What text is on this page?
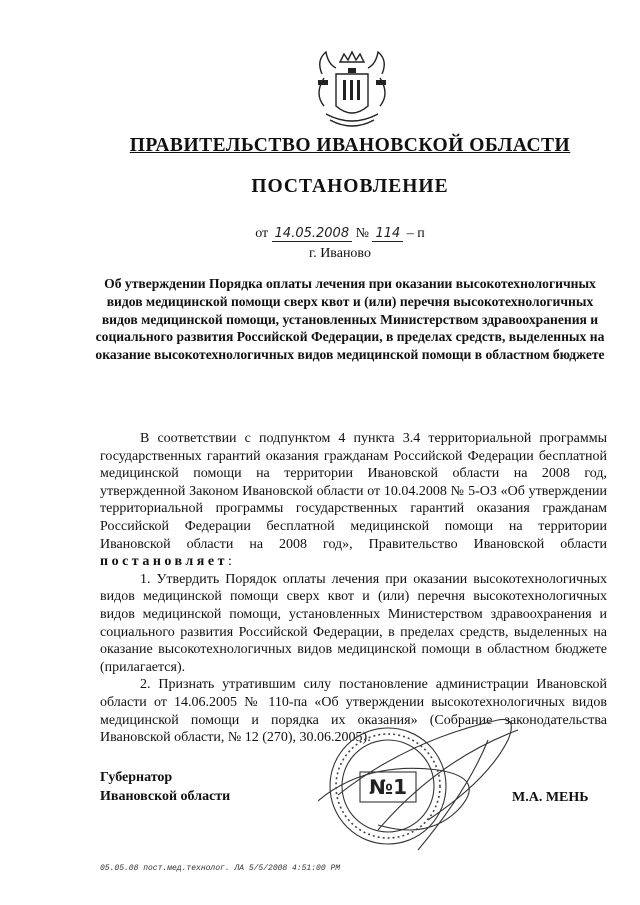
ПРАВИТЕЛЬСТВО ИВАНОВСКОЙ ОБЛАСТИ
ПОСТАНОВЛЕНИЕ
от 14.05.2008 № 114 – п
г. Иваново
Об утверждении Порядка оплаты лечения при оказании высокотехнологичных видов медицинской помощи сверх квот и (или) перечня высокотехнологичных видов медицинской помощи, установленных Министерством здравоохранения и социального развития Российской Федерации, в пределах средств, выделенных на оказание высокотехнологичных видов медицинской помощи в областном бюджете

В соответствии с подпунктом 4 пункта 3.4 территориальной программы государственных гарантий оказания гражданам Российской Федерации бесплатной медицинской помощи на территории Ивановской области на 2008 год, утвержденной Законом Ивановской области от 10.04.2008 № 5-ОЗ «Об утверждении территориальной программы государственных гарантий оказания гражданам Российской Федерации бесплатной медицинской помощи на территории Ивановской области на 2008 год», Правительство Ивановской области постановляет:

1. Утвердить Порядок оплаты лечения при оказании высокотехнологичных видов медицинской помощи сверх квот и (или) перечня высокотехнологичных видов медицинской помощи, установленных Министерством здравоохранения и социального развития Российской Федерации, в пределах средств, выделенных на оказание высокотехнологичных видов медицинской помощи в областном бюджете (прилагается).

2. Признать утратившим силу постановление администрации Ивановской области от 14.06.2005 № 110-па «Об утверждении высокотехнологичных видов медицинской помощи и порядка их оказания» (Собрание законодательства Ивановской области, № 12 (270), 30.06.2005).

Губернатор
Ивановской области	№1	М.А. МЕНЬ
05.05.08 пост.мед.технолог. ЛА 5/5/2008 4:51:00 PM
